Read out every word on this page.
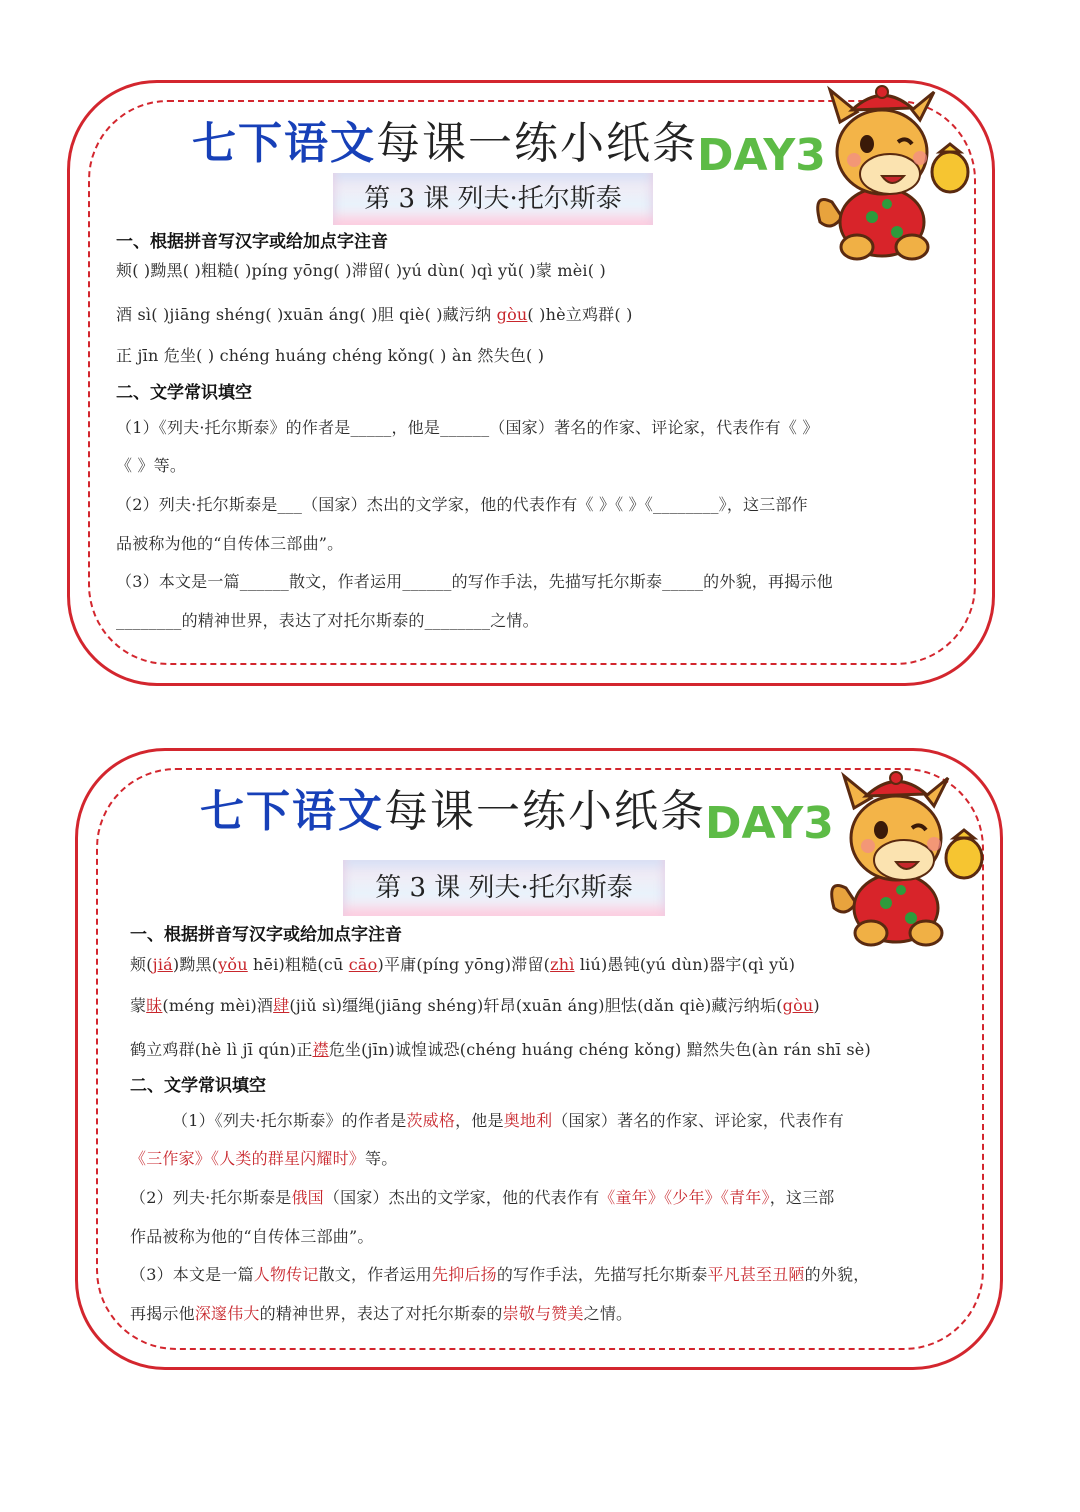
七下语文每课一练小纸条 DAY3
第 3 课 列夫·托尔斯泰
一、根据拼音写汉字或给加点字注音
颊( )黝黑( )粗糙( )píng yōng( )滞留( )yú dùn( )qì yǔ( )蒙 mèi( )
酒 sì( )jiāng shéng( )xuān áng( )胆 qiè( )藏污纳 gòu( )hè立鸡群( )
正 jīn 危坐( ) chéng huáng chéng kǒng( ) àn 然失色( )
二、文学常识填空
（1）《列夫·托尔斯泰》的作者是_____，他是______（国家）著名的作家、评论家，代表作有《 》
《 》等。
（2）列夫·托尔斯泰是___（国家）杰出的文学家，他的代表作有《 》《 》《________》，这三部作
品被称为他的“自传体三部曲”。
（3）本文是一篇______散文，作者运用______的写作手法，先描写托尔斯泰_____的外貌，再揭示他
________的精神世界，表达了对托尔斯泰的________之情。
七下语文每课一练小纸条 DAY3
第 3 课 列夫·托尔斯泰
一、根据拼音写汉字或给加点字注音
颊(jiá)黝黑(yǒu hēi)粗糙(cū cāo)平庸(píng yōng)滞留(zhì liú)愚钝(yú dùn)器宇(qì yǔ)
蒙昧(méng mèi)酒肆(jiǔ sì)缰绳(jiāng shéng)轩昂(xuān áng)胆怯(dǎn qiè)藏污纳垢(gòu)
鹤立鸡群(hè lì jī qún)正襟危坐(jīn)诚惶诚恐(chéng huáng chéng kǒng) 黯然失色(àn rán shī sè)
二、文学常识填空
（1）《列夫·托尔斯泰》的作者是茨威格，他是奥地利（国家）著名的作家、评论家，代表作有
《三作家》《人类的群星闪耀时》等。
（2）列夫·托尔斯泰是俄国（国家）杰出的文学家，他的代表作有《童年》《少年》《青年》，这三部
作品被称为他的“自传体三部曲”。
（3）本文是一篇人物传记散文，作者运用先抑后扬的写作手法，先描写托尔斯泰平凡甚至丑陋的外貌，
再揭示他深邃伟大的精神世界，表达了对托尔斯泰的崇敬与赞美之情。
